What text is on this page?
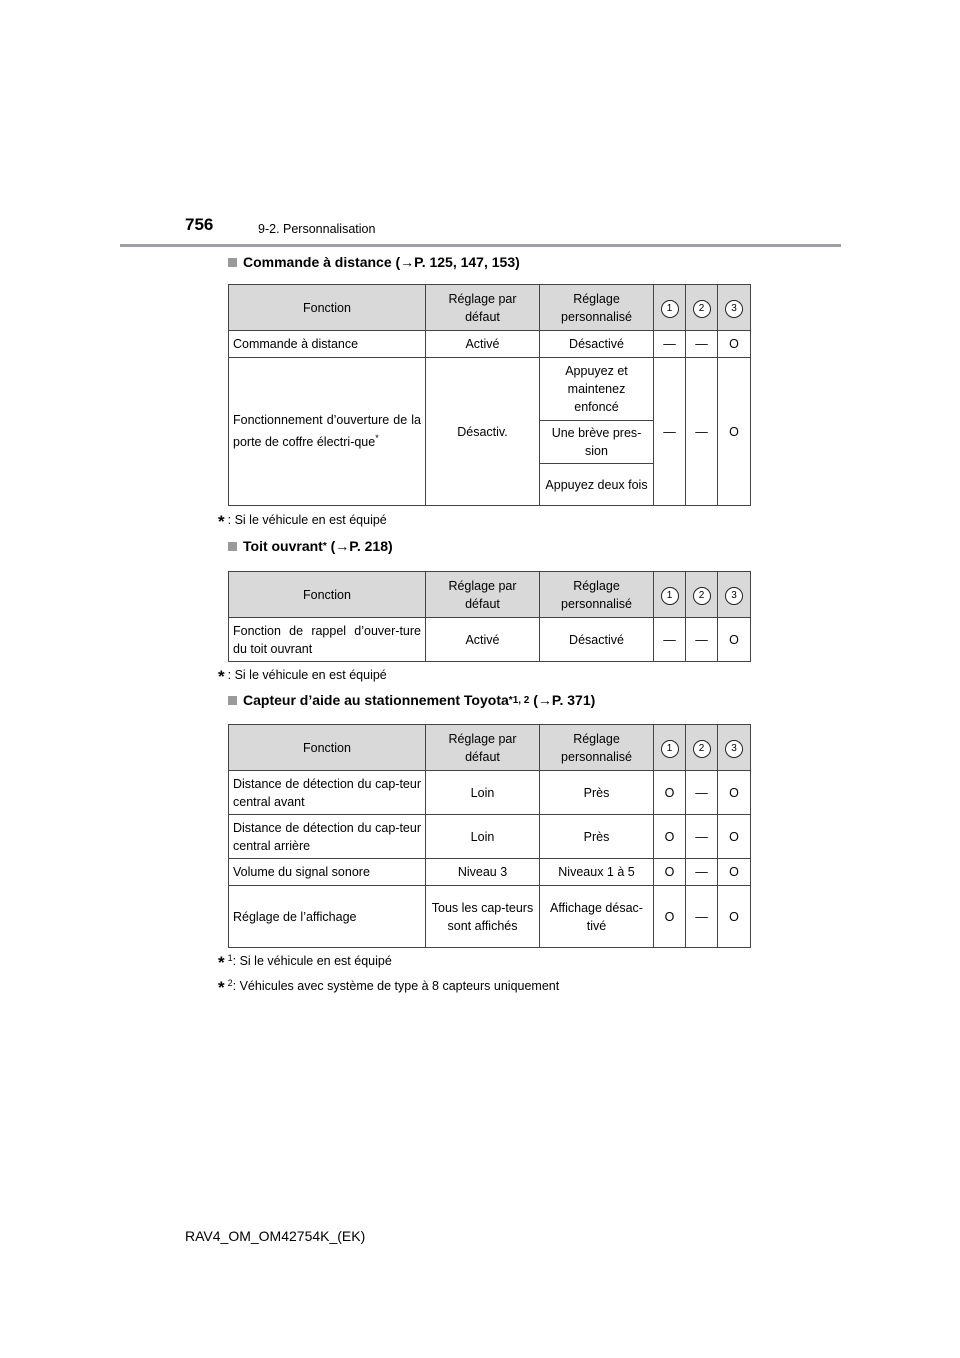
756	9-2. Personnalisation
Commande à distance ( →P. 125, 147, 153)
Fonction	Réglage par défaut	Réglage personnalisé	1	2	3
Commande à distance	Activé	Désactivé	—	—	O
Fonctionnement d’ouverture de la porte de coffre électri-que*	Désactiv.	Appuyez et maintenez enfoncé	—	—	O
		Une brève pres-sion			
		Appuyez deux fois			
* : Si le véhicule en est équipé
Toit ouvrant *
(→P. 218)
Fonction	Réglage par défaut	Réglage personnalisé	1	2	3
Fonction de rappel d’ouver-ture du toit ouvrant	Activé	Désactivé	—	—	O
* : Si le véhicule en est équipé
Capteur d’aide au stationnement Toyota *1, 2
(→P. 371)
Fonction	Réglage par défaut	Réglage personnalisé	1	2	3
Distance de détection du cap-teur central avant	Loin	Près	O	—	O
Distance de détection du cap-teur central arrière	Loin	Près	O	—	O
Volume du signal sonore	Niveau 3	Niveaux 1 à 5	O	—	O
Réglage de l’affichage	Tous les cap-teurs sont affichés	Affichage désac-tivé	O	—	O
* $^1$: Si le véhicule en est équipé
* $^2$: Véhicules avec système de type à 8 capteurs uniquement
RAV4_OM_OM42754K_(EK)
